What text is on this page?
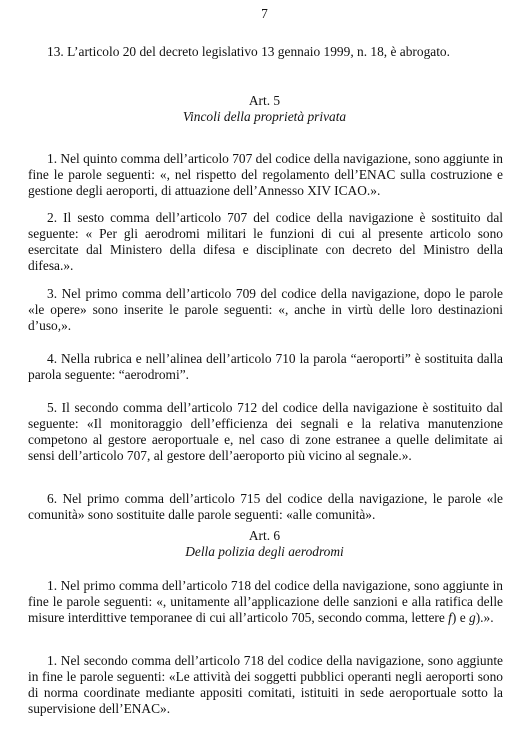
7
13. L’articolo 20 del decreto legislativo 13 gennaio 1999, n. 18, è abrogato.
Art. 5
Vincoli della proprietà privata
1. Nel quinto comma dell’articolo 707 del codice della navigazione, sono aggiunte in fine le parole seguenti: «, nel rispetto del regolamento dell’ENAC sulla costruzione e gestione degli aeroporti, di attuazione dell’Annesso XIV ICAO.».
2. Il sesto comma dell’articolo 707 del codice della navigazione è sostituito dal seguente: « Per gli aerodromi militari le funzioni di cui al presente articolo sono esercitate dal Ministero della difesa e disciplinate con decreto del Ministro della difesa.».
3. Nel primo comma dell’articolo 709 del codice della navigazione, dopo le parole «le opere» sono inserite le parole seguenti: «, anche in virtù delle loro destinazioni d’uso,».
4. Nella rubrica e nell’alinea dell’articolo 710 la parola “aeroporti” è sostituita dalla parola seguente: “aerodromi”.
5. Il secondo comma dell’articolo 712 del codice della navigazione è sostituito dal seguente: «Il monitoraggio dell’efficienza dei segnali e la relativa manutenzione competono al gestore aeroportuale e, nel caso di zone estranee a quelle delimitate ai sensi dell’articolo 707, al gestore dell’aeroporto più vicino al segnale.».
6. Nel primo comma dell’articolo 715 del codice della navigazione, le parole «le comunità» sono sostituite dalle parole seguenti: «alle comunità».
Art. 6
Della polizia degli aerodromi
1. Nel primo comma dell’articolo 718 del codice della navigazione, sono aggiunte in fine le parole seguenti: «, unitamente all’applicazione delle sanzioni e alla ratifica delle misure interdittive temporanee di cui all’articolo 705, secondo comma, lettere f) e g).».
1. Nel secondo comma dell’articolo 718 del codice della navigazione, sono aggiunte in fine le parole seguenti: «Le attività dei soggetti pubblici operanti negli aeroporti sono di norma coordinate mediante appositi comitati, istituiti in sede aeroportuale sotto la supervisione dell’ENAC».
